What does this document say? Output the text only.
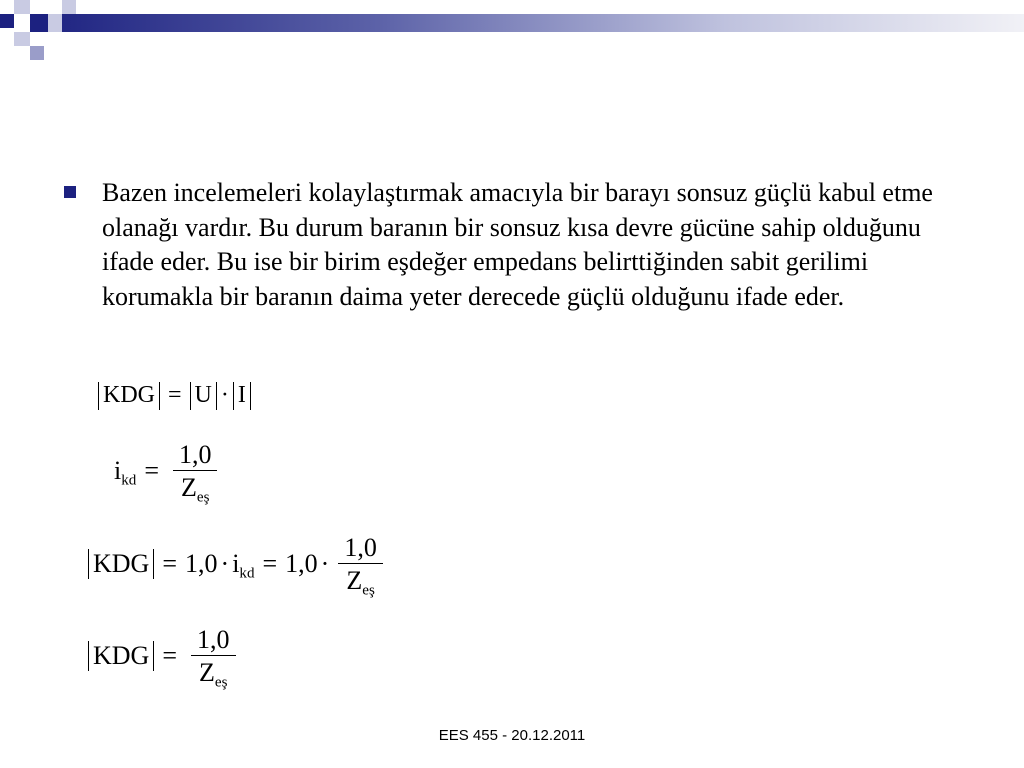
Bazen incelemeleri kolaylaştırmak amacıyla bir barayı sonsuz güçlü kabul etme olanağı vardır. Bu durum baranın bir sonsuz kısa devre gücüne sahip olduğunu ifade eder. Bu ise bir birim eşdeğer empedans belirttiğinden sabit gerilimi korumakla bir baranın daima yeter derecede güçlü olduğunu ifade eder.
KDG = U · I
$i_{kd} = \frac{1,0}{Z_{eş}}$
KDG = $1,0 \cdot i_{kd} = 1,0 \cdot \frac{1,0}{Z_{eş}}$
KDG = $\frac{1,0}{Z_{eş}}$
EES 455 - 20.12.2011
